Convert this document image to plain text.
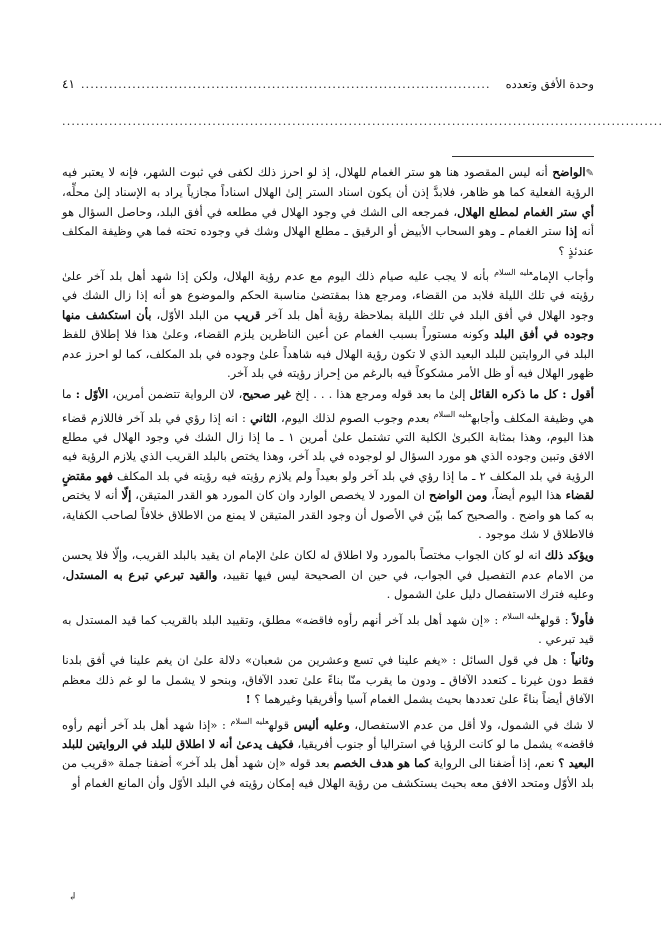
وحدة الأفق وتعدده
........................................................................................
٤١
................................................................................................................................

✎الواضح أنه ليس المقصود هنا هو ستر الغمام للهلال، إذ لو احرز ذلك لكفى في ثبوت الشهر، فإنه لا يعتبر فيه الرؤية الفعلية كما هو ظاهر، فلابدَّ إذن أن يكون اسناد الستر إلىٰ الهلال اسناداً مجازياً يراد به الإسناد إلىٰ محلِّه، أي ستر الغمام لمطلع الهلال، فمرجعه الى الشك في وجود الهلال في مطلعه في أفق البلد، وحاصل السؤال هو أنه إذا ستر الغمام ـ وهو السحاب الأبيض أو الرقيق ـ مطلع الهلال وشك في وجوده تحته فما هي وظيفة المكلف عندئذٍ ؟

وأجاب الإمام$^{عليه السلام}$ بأنه لا يجب عليه صيام ذلك اليوم مع عدم رؤية الهلال، ولكن إذا شهد أهل بلد آخر علىٰ رؤيته في تلك الليلة فلابد من القضاء، ومرجع هذا بمقتضىٰ مناسبة الحكم والموضوع هو أنه إذا زال الشك في وجود الهلال في أفق البلد في تلك الليلة بملاحظة رؤية أهل بلد آخر قريب من البلد الأوّل، بأن استكشف منها وجوده في أفق البلد وكونه مستوراً بسبب الغمام عن أعين الناظرين يلزم القضاء، وعلىٰ هذا فلا إطلاق للفظ البلد في الروايتين للبلد البعيد الذي لا تكون رؤية الهلال فيه شاهداً علىٰ وجوده في بلد المكلف، كما لو احرز عدم ظهور الهلال فيه أو ظل الأمر مشكوكاً فيه بالرغم من إحراز رؤيته في بلد آخر.

أقول : كل ما ذكره القائل إلىٰ ما بعد قوله ومرجع هذا . . . إلخ غير صحيح، لان الرواية تتضمن أمرين، الأوّل : ما هي وظيفة المكلف وأجابه$^{عليه السلام}$ بعدم وجوب الصوم لذلك اليوم، الثاني : انه إذا رؤي في بلد آخر فاللازم قضاء هذا اليوم، وهذا بمثابة الكبرىٰ الكلية التي تشتمل علىٰ أمرين ١ ـ ما إذا زال الشك في وجود الهلال في مطلع الافق وتبين وجوده الذي هو مورد السؤال لو لوجوده في بلد آخر، وهذا يختص بالبلد القريب الذي يلازم الرؤية فيه الرؤية في بلد المكلف ٢ ـ ما إذا رؤي في بلد آخر ولو بعيداً ولم يلازم رؤيته فيه رؤيته في بلد المكلف فهو مقتضٍ لقضاء هذا اليوم أيضاً، ومن الواضح ان المورد لا يخصص الوارد وان كان المورد هو القدر المتيقن، إلّا أنه لا يختص به كما هو واضح . والصحيح كما بيّن في الأصول أن وجود القدر المتيقن لا يمنع من الاطلاق خلافاً لصاحب الكفاية، فالاطلاق لا شك موجود .

ويؤكد ذلك انه لو كان الجواب مختصاً بالمورد ولا اطلاق له لكان علىٰ الإمام ان يقيد بالبلد القريب، وإلّا فلا يحسن من الامام عدم التفصيل في الجواب، في حين ان الصحيحة ليس فيها تقييد، والقيد تبرعي تبرع به المستدل، وعليه فترك الاستفصال دليل علىٰ الشمول .

فأولاً : قوله$^{عليه السلام}$ : «إن شهد أهل بلد آخر أنهم رأوه فاقضه» مطلق، وتقييد البلد بالقريب كما قيد المستدل به قيد تبرعي .

وثانياً : هل في قول السائل : «يغم علينا في تسع وعشرين من شعبان» دلالة علىٰ ان يغم علينا في أفق بلدنا فقط دون غيرنا ـ كتعدد الآفاق ـ ودون ما يقرب منّا بناءً علىٰ تعدد الآفاق، وبنحو لا يشمل ما لو غم ذلك معظم الآفاق أيضاً بناءً علىٰ تعددها بحيث يشمل الغمام آسيا وأفريقيا وغيرهما ؟ !

لا شك في الشمول، ولا أقل من عدم الاستفصال، وعليه أليس قوله$^{عليه السلام}$ : «إذا شهد أهل بلد آخر أنهم رأوه فاقضه» يشمل ما لو كانت الرؤيا في استراليا أو جنوب أفريقيا، فكيف يدعىٰ أنه لا اطلاق للبلد في الروايتين للبلد البعيد ؟ نعم، إذا أضفنا الى الرواية كما هو هدف الخصم بعد قوله «إن شهد أهل بلد آخر» أضفنا جملة «قريب من بلد الأوّل ومتحد الافق معه بحيث يستكشف من رؤية الهلال فيه إمكان رؤيته في البلد الأوّل وأن المانع الغمام أو

↲
